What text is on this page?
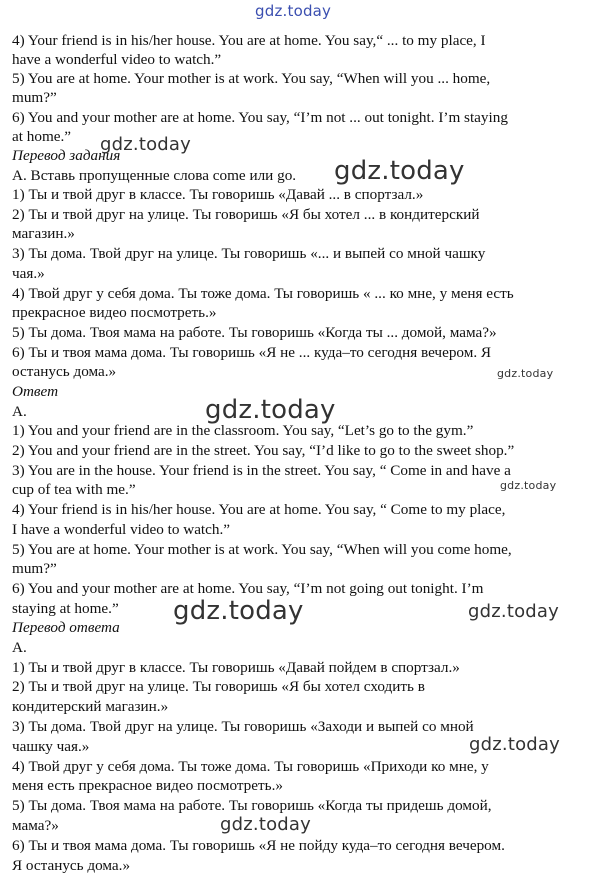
gdz.today
4) Your friend is in his/her house. You are at home. You say,“ ... to my place, I
have a wonderful video to watch.”
5) You are at home. Your mother is at work. You say, “When will you ... home,
mum?”
6) You and your mother are at home. You say, “I’m not ... out tonight. I’m staying
at home.”
Перевод задания
А. Вставь пропущенные слова come или go.
1) Ты и твой друг в классе. Ты говоришь «Давай ... в спортзал.»
2) Ты и твой друг на улице. Ты говоришь «Я бы хотел ... в кондитерский
магазин.»
3) Ты дома. Твой друг на улице. Ты говоришь «... и выпей со мной чашку
чая.»
4) Твой друг у себя дома. Ты тоже дома. Ты говоришь « ... ко мне, у меня есть
прекрасное видео посмотреть.»
5) Ты дома. Твоя мама на работе. Ты говоришь «Когда ты ... домой, мама?»
6) Ты и твоя мама дома. Ты говоришь «Я не ... куда–то сегодня вечером. Я
останусь дома.»
Ответ
A.
1) You and your friend are in the classroom. You say, “Let’s go to the gym.”
2) You and your friend are in the street. You say, “I’d like to go to the sweet shop.”
3) You are in the house. Your friend is in the street. You say, “ Come in and have a
cup of tea with me.”
4) Your friend is in his/her house. You are at home. You say, “ Come to my place,
I have a wonderful video to watch.”
5) You are at home. Your mother is at work. You say, “When will you come home,
mum?”
6) You and your mother are at home. You say, “I’m not going out tonight. I’m
staying at home.”
Перевод ответа
А.
1) Ты и твой друг в классе. Ты говоришь «Давай пойдем в спортзал.»
2) Ты и твой друг на улице. Ты говоришь «Я бы хотел сходить в
кондитерский магазин.»
3) Ты дома. Твой друг на улице. Ты говоришь «Заходи и выпей со мной
чашку чая.»
4) Твой друг у себя дома. Ты тоже дома. Ты говоришь «Приходи ко мне, у
меня есть прекрасное видео посмотреть.»
5) Ты дома. Твоя мама на работе. Ты говоришь «Когда ты придешь домой,
мама?»
6) Ты и твоя мама дома. Ты говоришь «Я не пойду куда–то сегодня вечером.
Я останусь дома.»
gdz.today
gdz.today
gdz.today
gdz.today
gdz.today
gdz.today	gdz.today
gdz.today
gdz.today
